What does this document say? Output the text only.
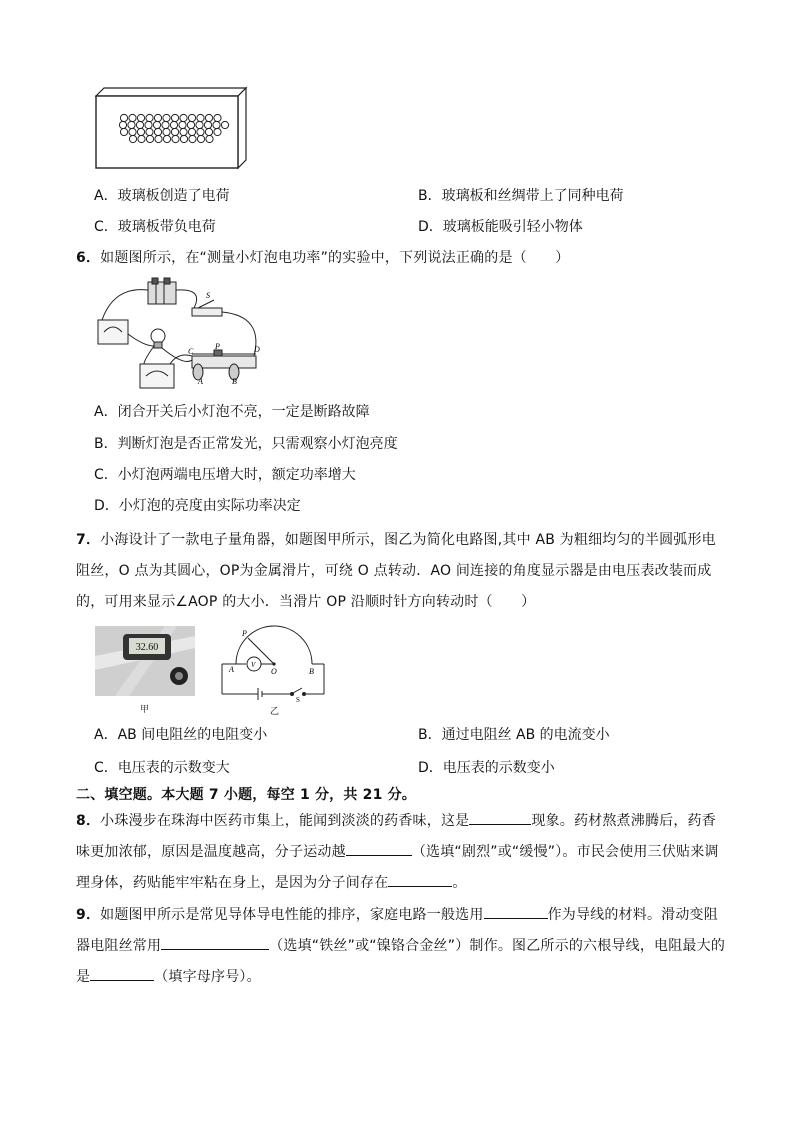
A．玻璃板创造了电荷	B．玻璃板和丝绸带上了同种电荷
C．玻璃板带负电荷	D．玻璃板能吸引轻小物体
6．如题图所示，在“测量小灯泡电功率”的实验中，下列说法正确的是（　　）
S
P
C	D
A	B
A．闭合开关后小灯泡不亮，一定是断路故障
B．判断灯泡是否正常发光，只需观察小灯泡亮度
C．小灯泡两端电压增大时，额定功率增大
D．小灯泡的亮度由实际功率决定
7．小海设计了一款电子量角器，如题图甲所示，图乙为简化电路图,其中 AB 为粗细均匀的半圆弧形电
阻丝，O 点为其圆心，OP为金属滑片，可绕 O 点转动．AO 间连接的角度显示器是由电压表改装而成
的，可用来显示∠AOP 的大小．当滑片 OP 沿顺时针方向转动时（　　）
32.60
甲
P
A	O	B
V
S
乙
A．AB 间电阻丝的电阻变小	B．通过电阻丝 AB 的电流变小
C．电压表的示数变大	D．电压表的示数变小
二、填空题。本大题 7 小题，每空 1 分，共 21 分。
8．小珠漫步在珠海中医药市集上，能闻到淡淡的药香味，这是	现象。药材熬煮沸腾后，药香
味更加浓郁，原因是温度越高，分子运动越	（选填“剧烈”或“缓慢”）。市民会使用三伏贴来调
理身体，药贴能牢牢粘在身上，是因为分子间存在	。
9．如题图甲所示是常见导体导电性能的排序，家庭电路一般选用	作为导线的材料。滑动变阻
器电阻丝常用	（选填“铁丝”或“镍铬合金丝”）制作。图乙所示的六根导线，电阻最大的
是	（填字母序号）。
